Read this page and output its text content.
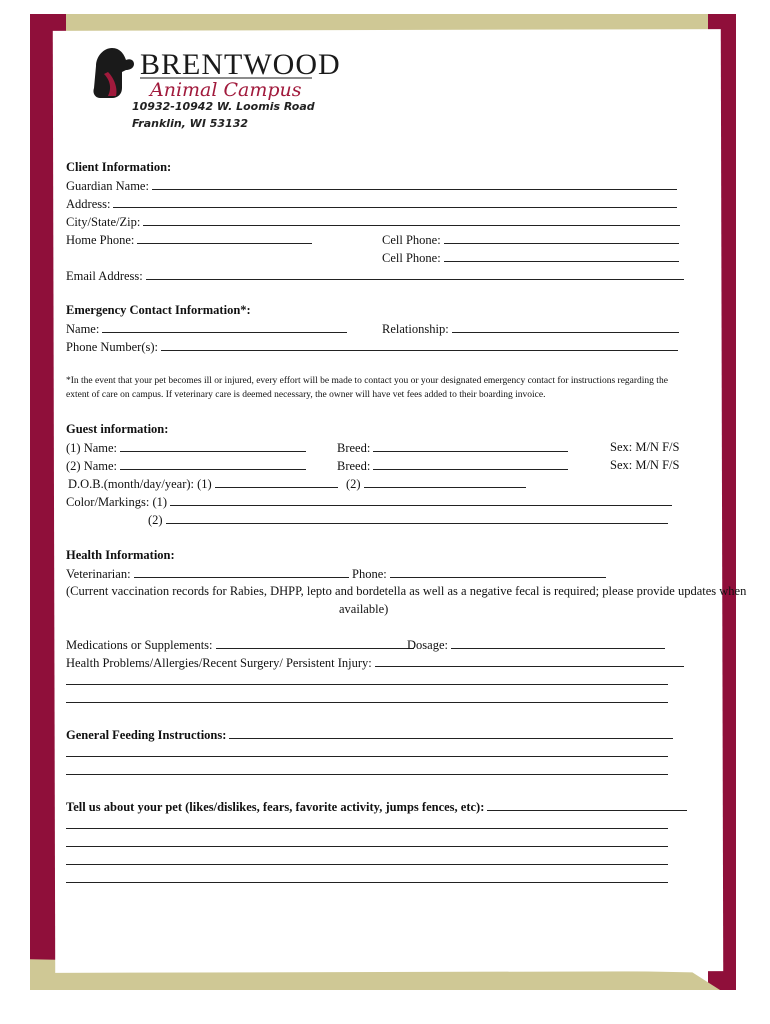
BRENTWOOD
Animal Campus
10932-10942 W. Loomis Road
Franklin, WI 53132
Client Information:
Guardian Name:
Address:
City/State/Zip:
Home Phone:	Cell Phone:
Cell Phone:
Email Address:
Emergency Contact Information*:
Name:	Relationship:
Phone Number(s):
*In the event that your pet becomes ill or injured, every effort will be made to contact you or your designated emergency contact for instructions regarding the extent of care on campus. If veterinary care is deemed necessary, the owner will have vet fees added to their boarding invoice.
Guest information:
(1) Name:	Breed:	Sex: M/N F/S
(2) Name:	Breed:	Sex: M/N F/S
D.O.B.(month/day/year): (1)	(2)
Color/Markings: (1)
(2)
Health Information:
Veterinarian:	Phone:
(Current vaccination records for Rabies, DHPP, lepto and bordetella as well as a negative fecal is required; please provide updates when
available)
Medications or Supplements:	Dosage:
Health Problems/Allergies/Recent Surgery/ Persistent Injury:
General Feeding Instructions:
Tell us about your pet (likes/dislikes, fears, favorite activity, jumps fences, etc):
